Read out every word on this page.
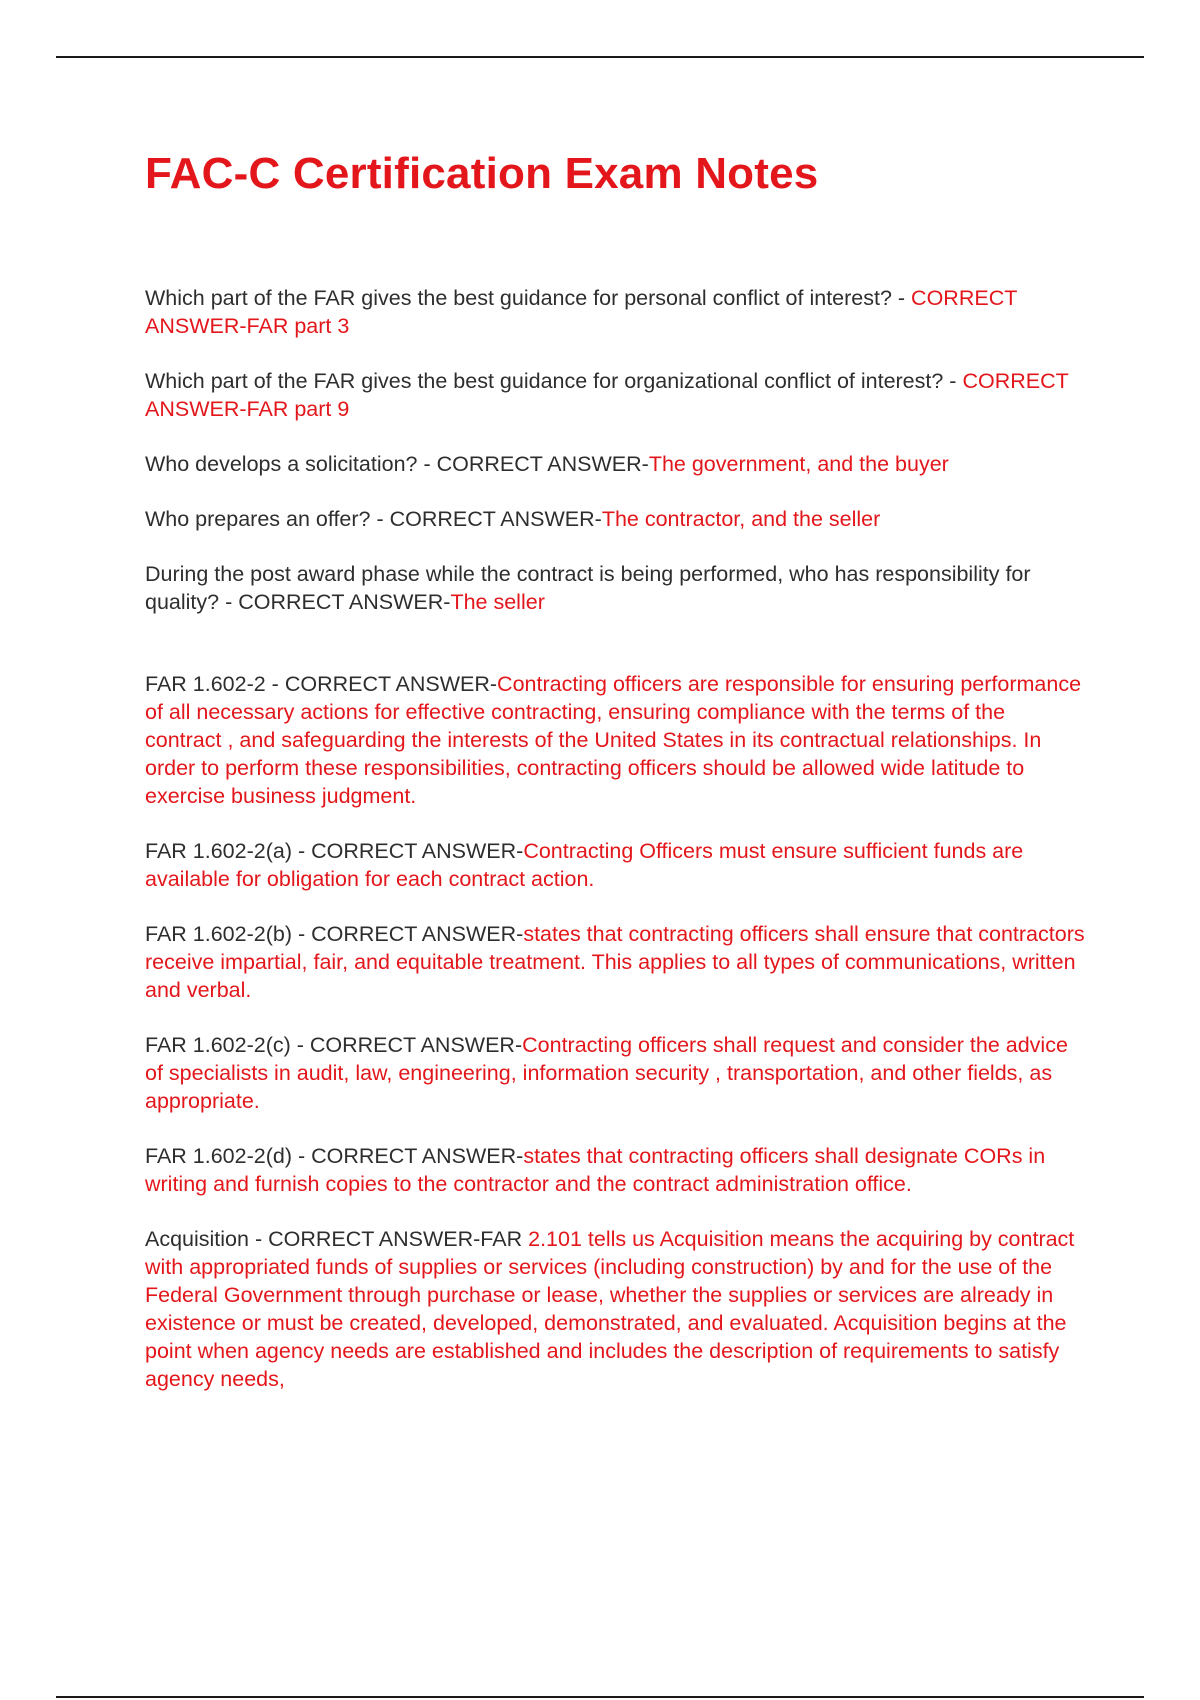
FAC-C Certification Exam Notes

Which part of the FAR gives the best guidance for personal conflict of interest? - CORRECT ANSWER-FAR part 3

Which part of the FAR gives the best guidance for organizational conflict of interest? - CORRECT ANSWER-FAR part 9

Who develops a solicitation? - CORRECT ANSWER-The government, and the buyer

Who prepares an offer? - CORRECT ANSWER-The contractor, and the seller

During the post award phase while the contract is being performed, who has responsibility for quality? - CORRECT ANSWER-The seller

FAR 1.602-2 - CORRECT ANSWER-Contracting officers are responsible for ensuring performance of all necessary actions for effective contracting, ensuring compliance with the terms of the contract , and safeguarding the interests of the United States in its contractual relationships. In order to perform these responsibilities, contracting officers should be allowed wide latitude to exercise business judgment.

FAR 1.602-2(a) - CORRECT ANSWER-Contracting Officers must ensure sufficient funds are available for obligation for each contract action.

FAR 1.602-2(b) - CORRECT ANSWER-states that contracting officers shall ensure that contractors receive impartial, fair, and equitable treatment. This applies to all types of communications, written and verbal.

FAR 1.602-2(c) - CORRECT ANSWER-Contracting officers shall request and consider the advice of specialists in audit, law, engineering, information security , transportation, and other fields, as appropriate.

FAR 1.602-2(d) - CORRECT ANSWER-states that contracting officers shall designate CORs in writing and furnish copies to the contractor and the contract administration office.

Acquisition - CORRECT ANSWER-FAR 2.101 tells us Acquisition means the acquiring by contract with appropriated funds of supplies or services (including construction) by and for the use of the Federal Government through purchase or lease, whether the supplies or services are already in existence or must be created, developed, demonstrated, and evaluated. Acquisition begins at the point when agency needs are established and includes the description of requirements to satisfy agency needs,
